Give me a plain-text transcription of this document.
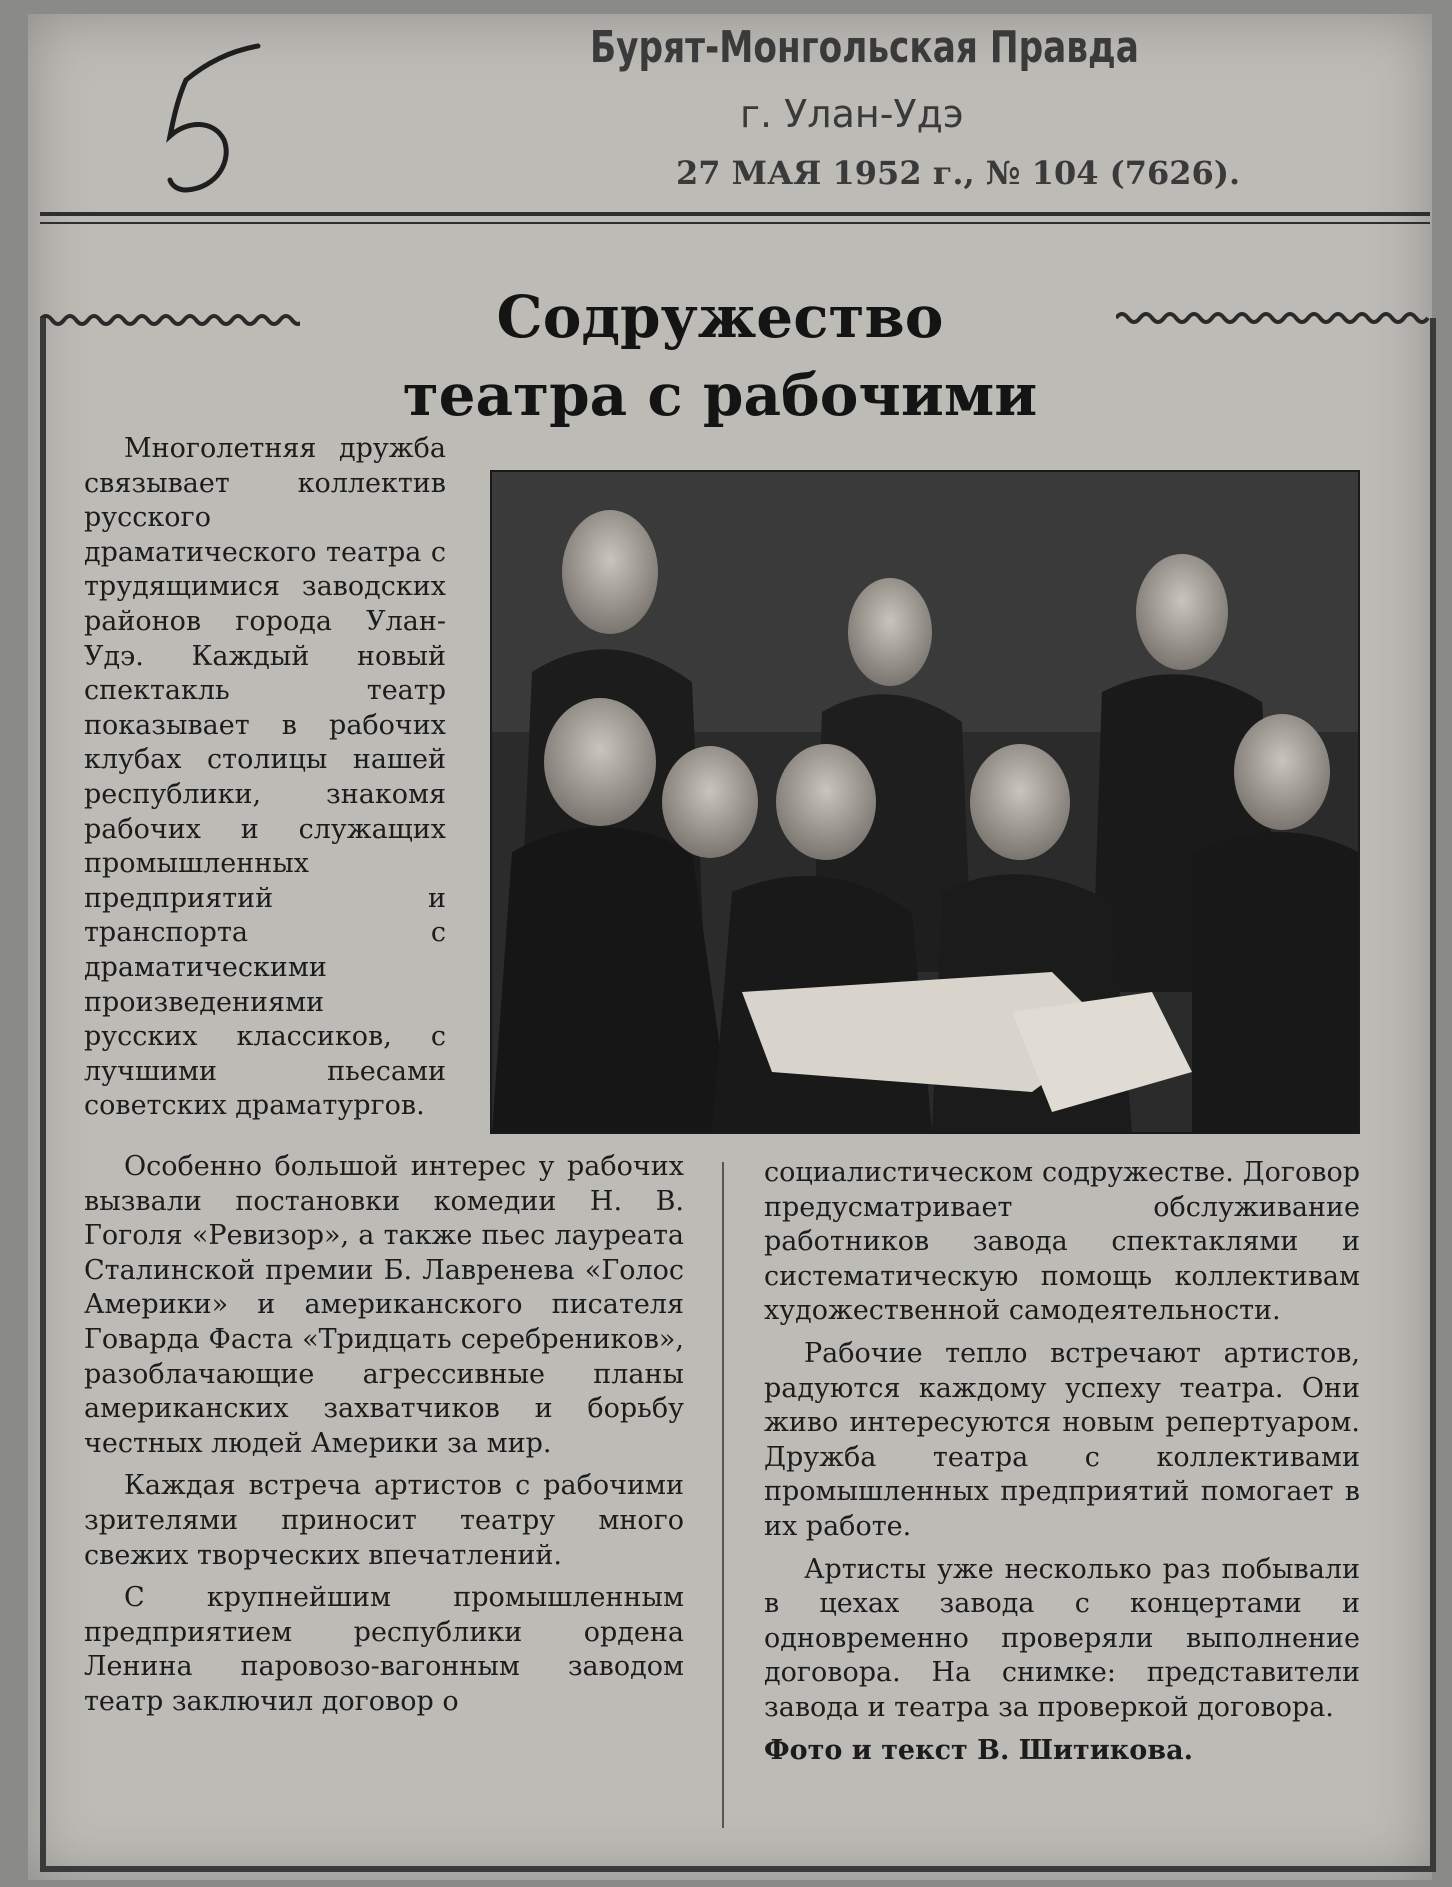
Бурят-Монгольская Правда
г. Улан-Удэ
27 МАЯ 1952 г., № 104 (7626).
Содружество
театра с рабочими

Многолетняя дружба связывает коллектив русского драматического театра с трудящимися заводских районов города Улан-Удэ. Каждый новый спектакль театр показывает в рабочих клубах столицы нашей республики, знакомя рабочих и служащих промышленных предприятий и транспорта с драматическими произведениями русских классиков, с лучшими пьесами советских драматургов.

Особенно большой интерес у рабочих вызвали постановки комедии Н. В. Гоголя «Ревизор», а также пьес лауреата Сталинской премии Б. Лавренева «Голос Америки» и американского писателя Говарда Фаста «Тридцать серебреников», разоблачающие агрессивные планы американских захватчиков и борьбу честных людей Америки за мир.

Каждая встреча артистов с рабочими зрителями приносит театру много свежих творческих впечатлений.

С крупнейшим промышленным предприятием республики ордена Ленина паровозо-вагонным заводом театр заключил договор о

социалистическом содружестве. Договор предусматривает обслуживание работников завода спектаклями и систематическую помощь коллективам художественной самодеятельности.

Рабочие тепло встречают артистов, радуются каждому успеху театра. Они живо интересуются новым репертуаром. Дружба театра с коллективами промышленных предприятий помогает в их работе.

Артисты уже несколько раз побывали в цехах завода с концертами и одновременно проверяли выполнение договора. На снимке: представители завода и театра за проверкой договора.

Фото и текст В. Шитикова.
